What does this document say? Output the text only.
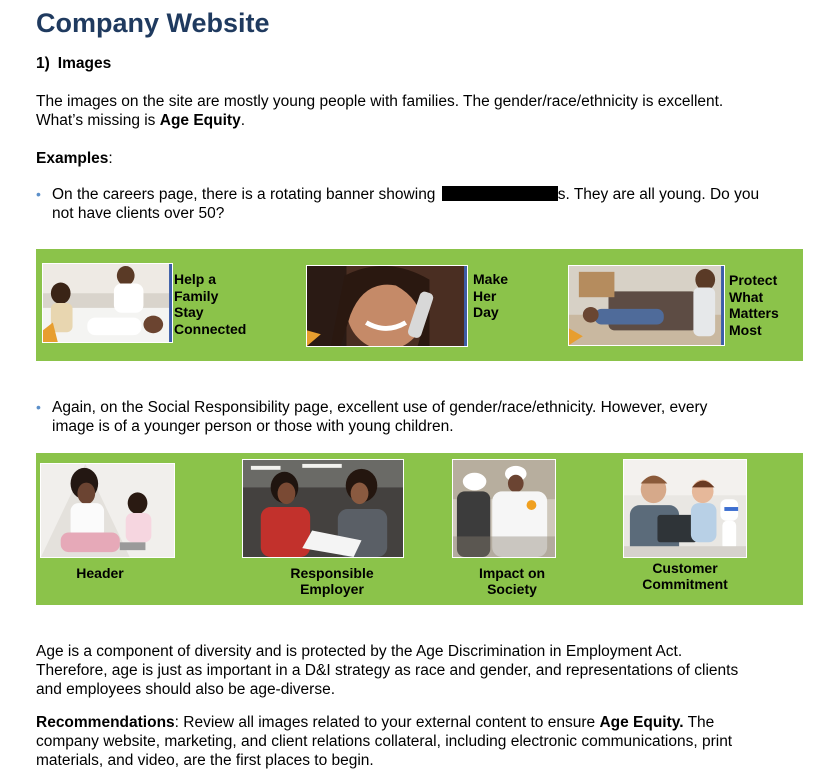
Company Website
1) Images
The images on the site are mostly young people with families. The gender/race/ethnicity is excellent.
What’s missing is Age Equity.
Examples:
• On the careers page, there is a rotating banner showing	s. They are all young. Do you
not have clients over 50?
Help a
Family
Stay
Connected
Make
Her
Day
Protect
What
Matters
Most
• Again, on the Social Responsibility page, excellent use of gender/race/ethnicity. However, every
image is of a younger person or those with young children.
Header	Responsible
Employer
Impact on
Society
Customer
Commitment
Age is a component of diversity and is protected by the Age Discrimination in Employment Act.
Therefore, age is just as important in a D&I strategy as race and gender, and representations of clients
and employees should also be age-diverse.
Recommendations: Review all images related to your external content to ensure Age Equity. The
company website, marketing, and client relations collateral, including electronic communications, print
materials, and video, are the first places to begin.
